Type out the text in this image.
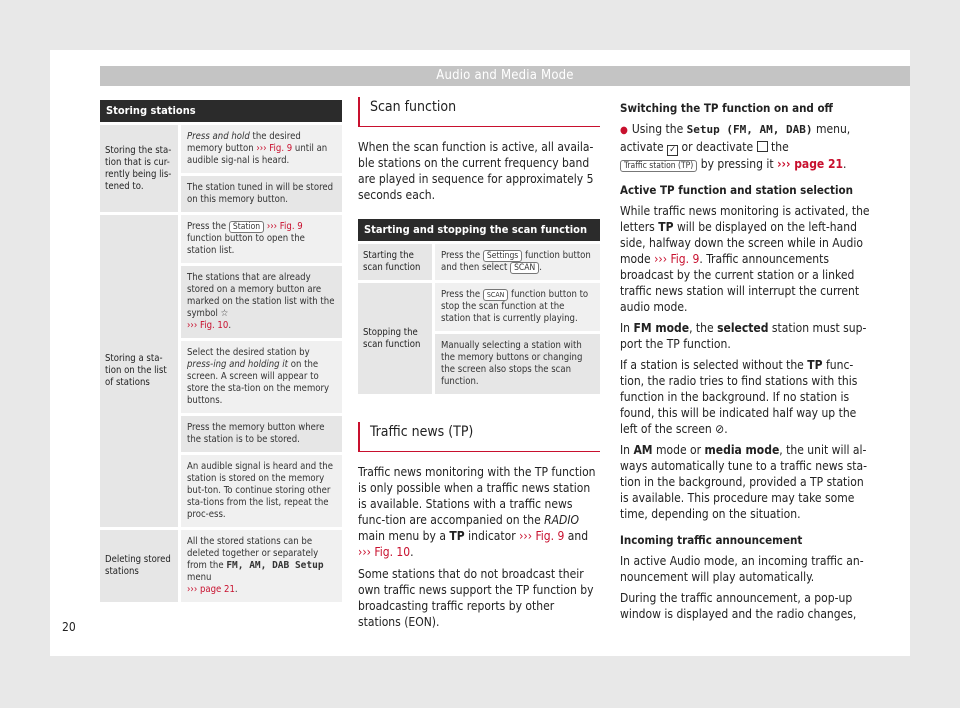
Audio and Media Mode
Storing stations
Storing the sta-tion that is cur-rently being lis-tened to.
Press and hold the desired memory button ››› Fig. 9 until an audible sig-nal is heard.
The station tuned in will be stored on this memory button.
Storing a sta-tion on the list of stations
Press the Station ››› Fig. 9 function button to open the station list.
The stations that are already stored on a memory button are marked on the station list with the symbol ☆
››› Fig. 10.
Select the desired station by press-ing and holding it on the screen. A screen will appear to store the sta-tion on the memory buttons.
Press the memory button where the station is to be stored.
An audible signal is heard and the station is stored on the memory but-ton. To continue storing other sta-tions from the list, repeat the proc-ess.
Deleting stored stations
All the stored stations can be deleted together or separately from the FM, AM, DAB Setup menu
››› page 21.
Scan function
When the scan function is active, all availa-ble stations on the current frequency band are played in sequence for approximately 5 seconds each.
Starting and stopping the scan function
Starting the scan function
Press the Settings function button and then select SCAN .
Stopping the scan function
Press the SCAN function button to stop the scan function at the station that is currently playing.
Manually selecting a station with the memory buttons or changing the screen also stops the scan function.
Traffic news (TP)
Traffic news monitoring with the TP function is only possible when a traffic news station is available. Stations with a traffic news func-tion are accompanied on the RADIO main menu by a TP indicator ››› Fig. 9 and ››› Fig. 10.
Some stations that do not broadcast their own traffic news support the TP function by broadcasting traffic reports by other stations (EON).
Switching the TP function on and off

● Using the Setup (FM, AM, DAB) menu, activate ✓ or deactivate  the
Traffic station (TP) by pressing it ››› page 21.

Active TP function and station selection

While traffic news monitoring is activated, the letters TP will be displayed on the left-hand side, halfway down the screen while in Audio mode ››› Fig. 9. Traffic announcements broadcast by the current station or a linked traffic news station will interrupt the current audio mode.

In FM mode, the selected station must sup-port the TP function.

If a station is selected without the TP func-tion, the radio tries to find stations with this function in the background. If no station is found, this will be indicated half way up the left of the screen ⊘.

In AM mode or media mode, the unit will al-ways automatically tune to a traffic news sta-tion in the background, provided a TP station is available. This procedure may take some time, depending on the situation.

Incoming traffic announcement

In active Audio mode, an incoming traffic an-nouncement will play automatically.

During the traffic announcement, a pop-up window is displayed and the radio changes,

20
